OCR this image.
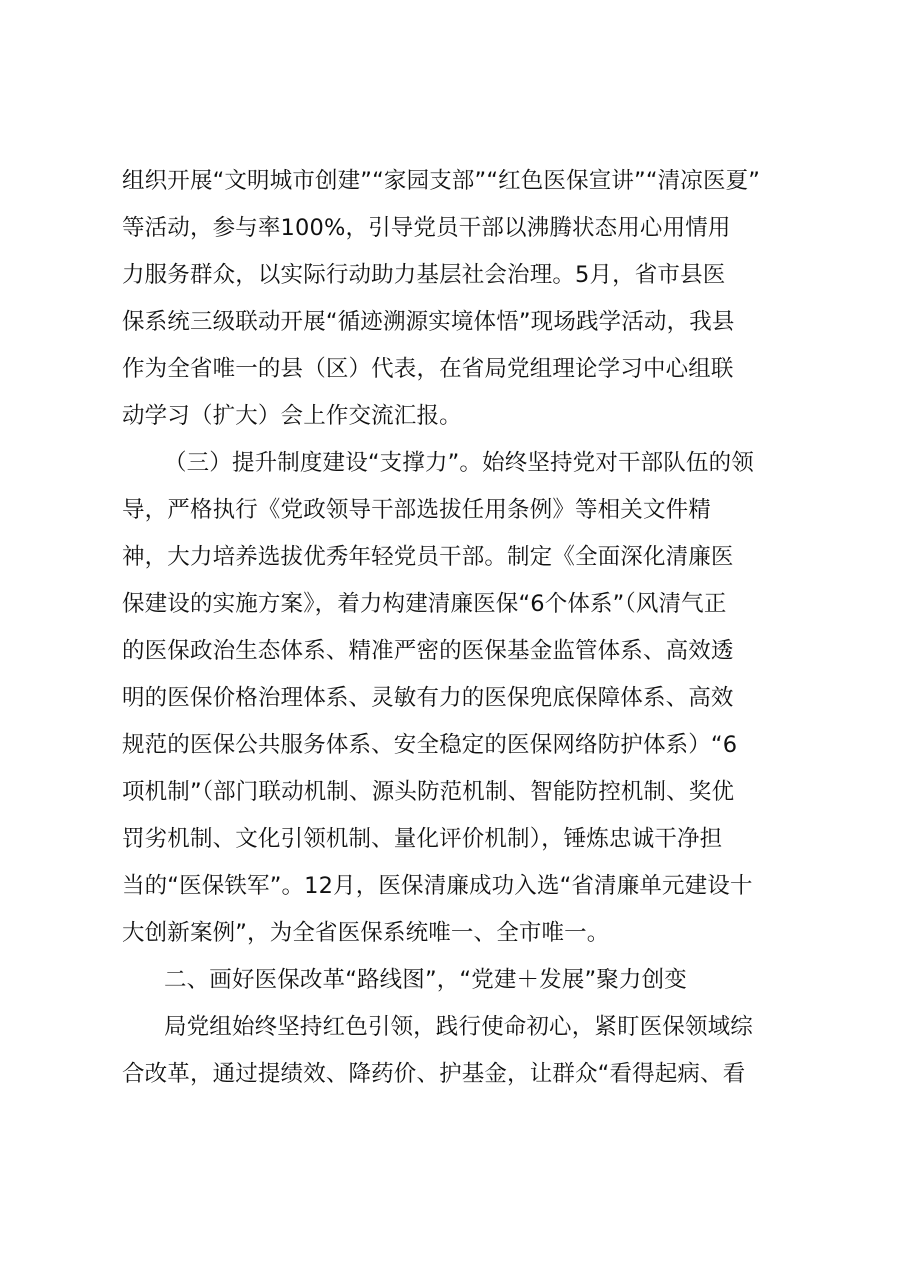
组织开展“文明城市创建”“家园支部”“红色医保宣讲”“清凉医夏”
等活动，参与率100%，引导党员干部以沸腾状态用心用情用
力服务群众，以实际行动助力基层社会治理。5月，省市县医
保系统三级联动开展“循迹溯源实境体悟”现场践学活动，我县
作为全省唯一的县（区）代表，在省局党组理论学习中心组联
动学习（扩大）会上作交流汇报。
（三）提升制度建设“支撑力”。始终坚持党对干部队伍的领
导，严格执行《党政领导干部选拔任用条例》等相关文件精
神，大力培养选拔优秀年轻党员干部。制定《全面深化清廉医
保建设的实施方案》，着力构建清廉医保“6个体系”（风清气正
的医保政治生态体系、精准严密的医保基金监管体系、高效透
明的医保价格治理体系、灵敏有力的医保兜底保障体系、高效
规范的医保公共服务体系、安全稳定的医保网络防护体系）“6
项机制”（部门联动机制、源头防范机制、智能防控机制、奖优
罚劣机制、文化引领机制、量化评价机制），锤炼忠诚干净担
当的“医保铁军”。12月，医保清廉成功入选“省清廉单元建设十
大创新案例”，为全省医保系统唯一、全市唯一。
二、画好医保改革“路线图”，“党建＋发展”聚力创变
局党组始终坚持红色引领，践行使命初心，紧盯医保领域综
合改革，通过提绩效、降药价、护基金，让群众“看得起病、看
